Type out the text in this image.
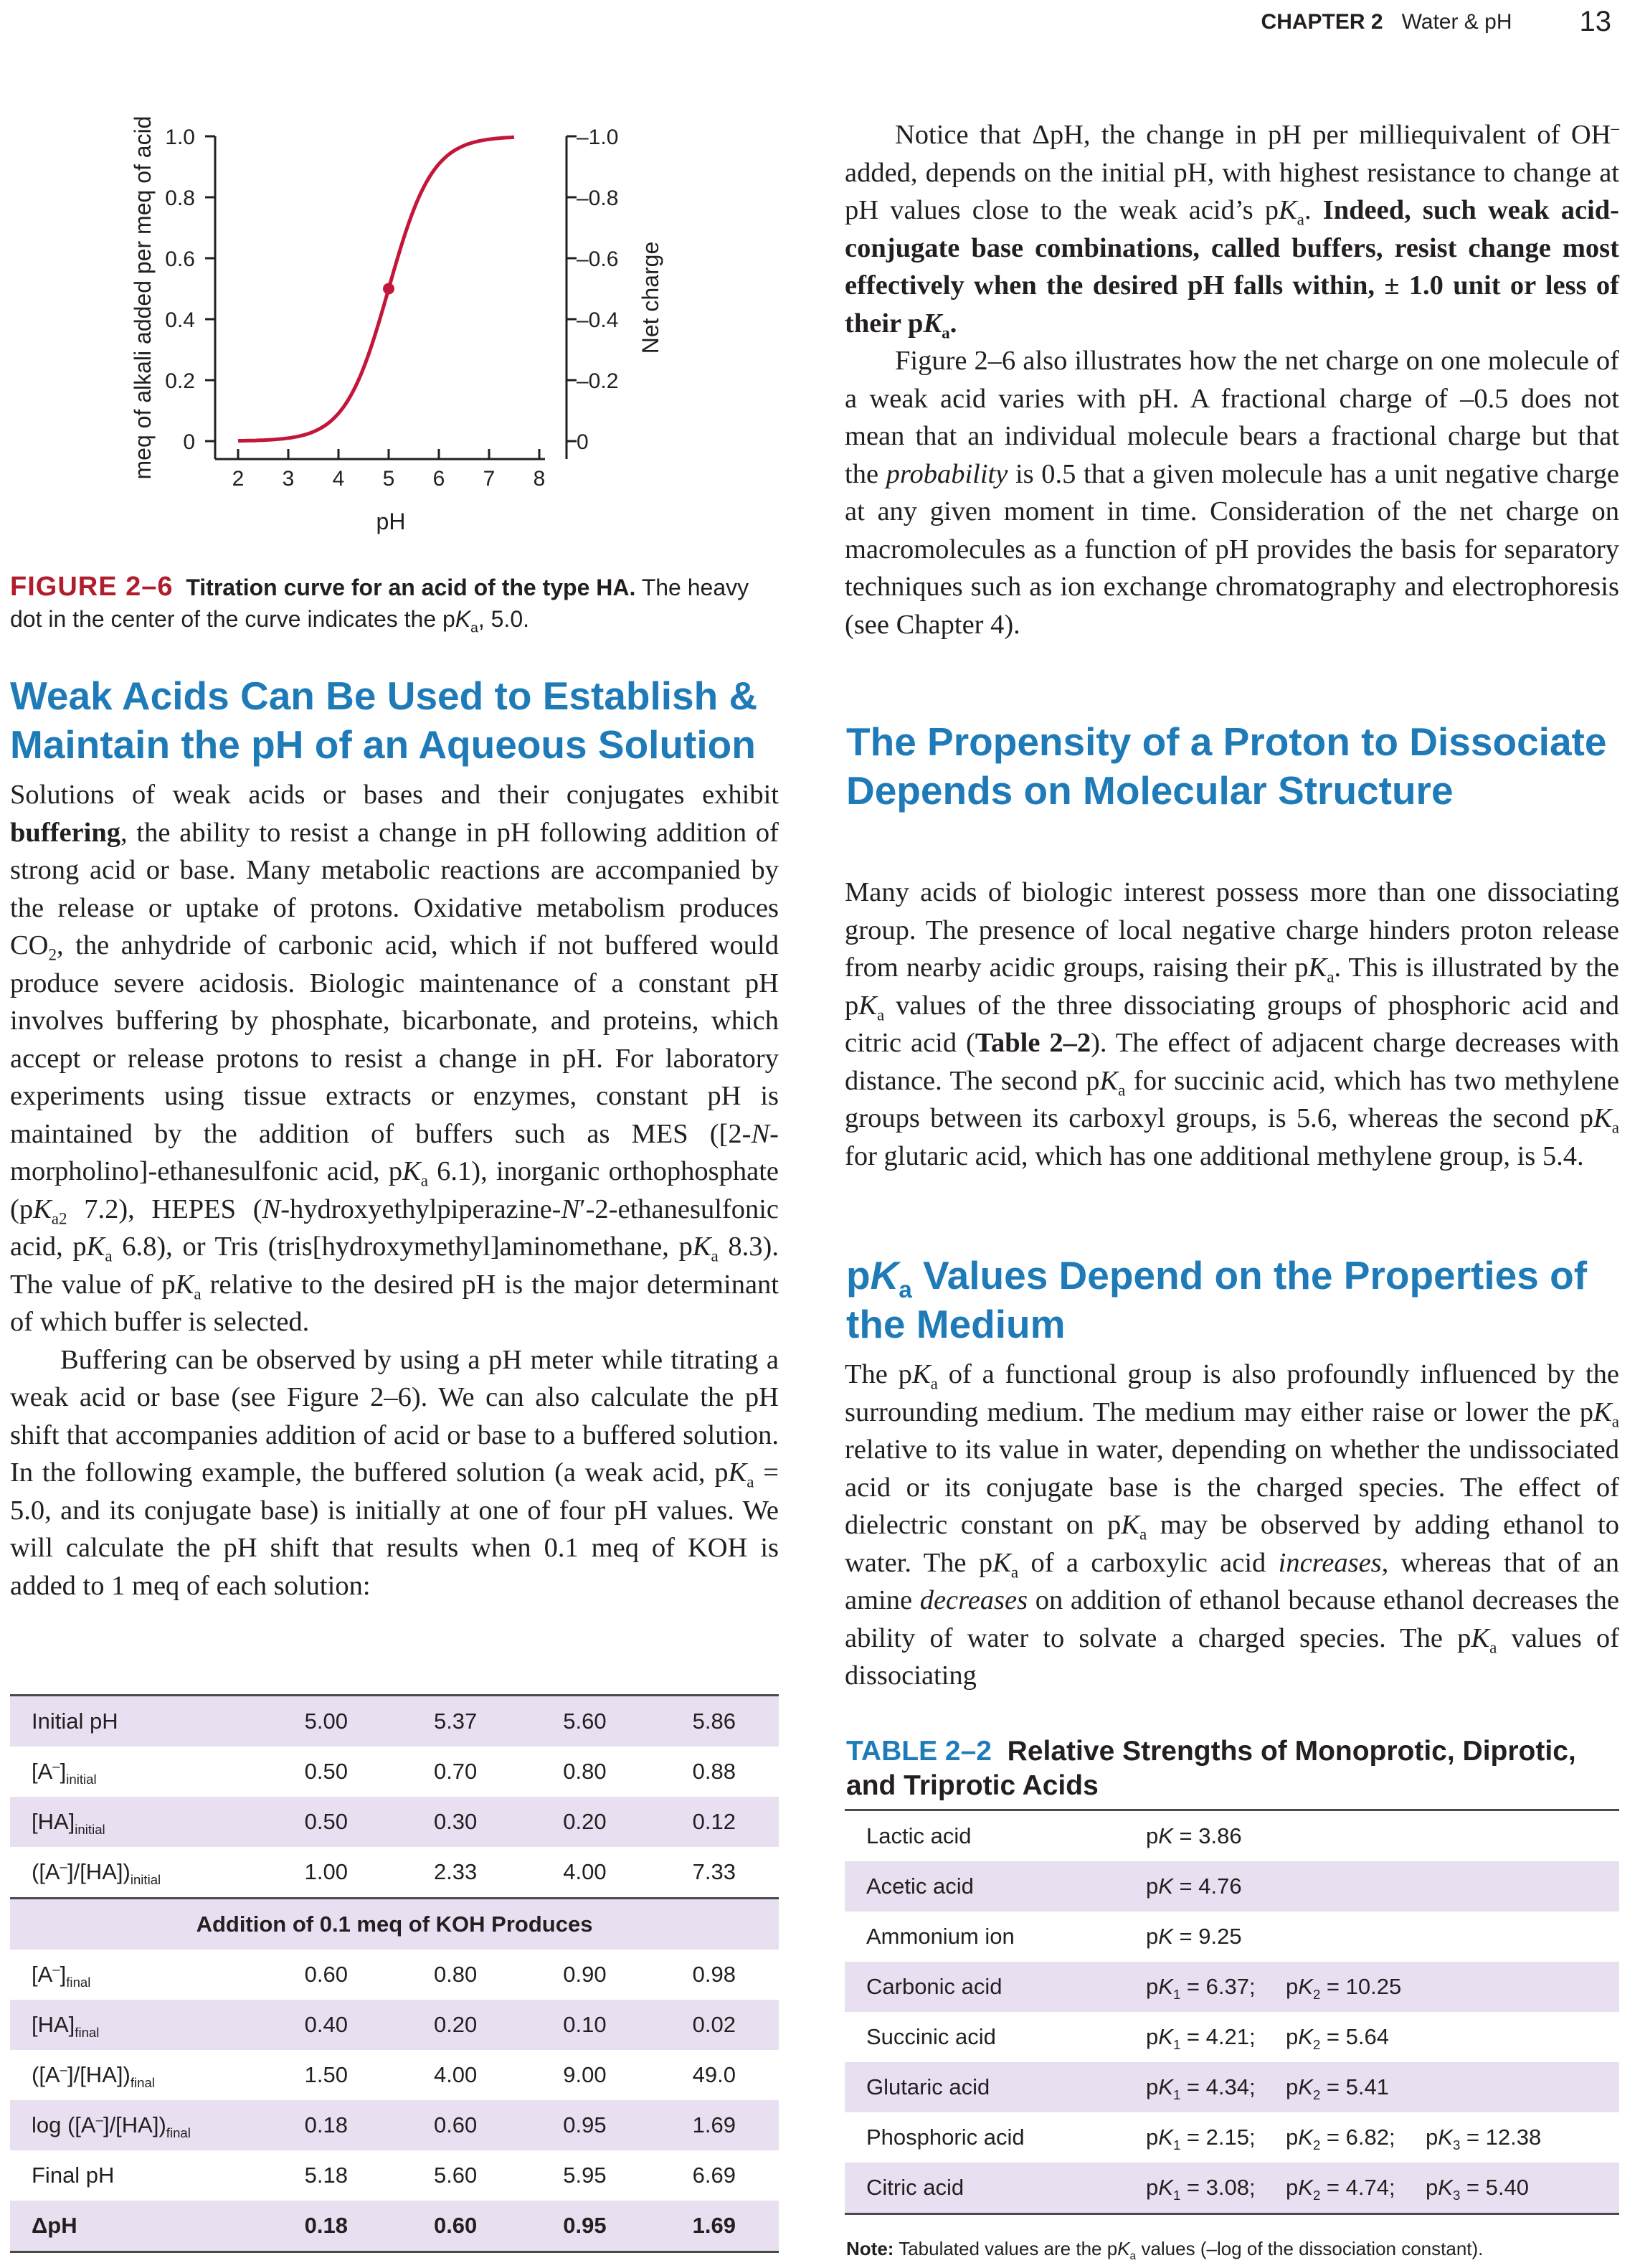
CHAPTER 2 Water & pH 13
0
0.2
0.4
0.6
0.8
1.0
0
–0.2
–0.4
–0.6
–0.8
–1.0
2 3 4 5 6 7 8
meq of alkali added per meq of acid	Net charge
pH
FIGURE 2–6 Titration curve for an acid of the type HA. The heavy dot in the center of the curve indicates the $pK_a$, 5.0.
Weak Acids Can Be Used to Establish & Maintain the pH of an Aqueous Solution

Solutions of weak acids or bases and their conjugates exhibit buffering, the ability to resist a change in pH following addition of strong acid or base. Many metabolic reactions are accompanied by the release or uptake of protons. Oxidative metabolism produces $CO_2$, the anhydride of carbonic acid, which if not buffered would produce severe acidosis. Biologic maintenance of a constant pH involves buffering by phosphate, bicarbonate, and proteins, which accept or release protons to resist a change in pH. For laboratory experiments using tissue extracts or enzymes, constant pH is maintained by the addition of buffers such as MES ([2-N-morpholino]-ethanesulfonic acid, $pK_a$ 6.1), inorganic orthophosphate ($pK_{a2}$ 7.2), HEPES (N-hydroxyethylpiperazine-N′-2-ethanesulfonic acid, $pK_a$ 6.8), or Tris (tris[hydroxymethyl]aminomethane, $pK_a$ 8.3). The value of $pK_a$ relative to the desired pH is the major determinant of which buffer is selected.

Buffering can be observed by using a pH meter while titrating a weak acid or base (see Figure 2–6). We can also calculate the pH shift that accompanies addition of acid or base to a buffered solution. In the following example, the buffered solution (a weak acid, $pK_a = 5.0$, and its conjugate base) is initially at one of four pH values. We will calculate the pH shift that results when 0.1 meq of KOH is added to 1 meq of each solution:

Initial pH	5.00	5.37	5.60	5.86
$[A^-]_{initial}$	0.50	0.70	0.80	0.88
$[HA]_{initial}$	0.50	0.30	0.20	0.12
$([A^-]/[HA])_{initial}$	1.00	2.33	4.00	7.33
Addition of 0.1 meq of KOH Produces				
$[A^-]_{final}$	0.60	0.80	0.90	0.98
$[HA]_{final}$	0.40	0.20	0.10	0.02
$([A^-]/[HA])_{final}$	1.50	4.00	9.00	49.0
$\log ([A^-]/[HA])_{final}$	0.18	0.60	0.95	1.69
Final pH	5.18	5.60	5.95	6.69
ΔpH	0.18	0.60	0.95	1.69

Notice that ΔpH, the change in pH per milliequivalent of OH– added, depends on the initial pH, with highest resistance to change at pH values close to the weak acid’s $pK_a$. Indeed, such weak acid-conjugate base combinations, called buffers, resist change most effectively when the desired pH falls within, ± 1.0 unit or less of their $pK_a$.

Figure 2–6 also illustrates how the net charge on one molecule of a weak acid varies with pH. A fractional charge of –0.5 does not mean that an individual molecule bears a fractional charge but that the probability is 0.5 that a given molecule has a unit negative charge at any given moment in time. Consideration of the net charge on macromolecules as a function of pH provides the basis for separatory techniques such as ion exchange chromatography and electrophoresis (see Chapter 4).

The Propensity of a Proton to Dissociate Depends on Molecular Structure

Many acids of biologic interest possess more than one dissociating group. The presence of local negative charge hinders proton release from nearby acidic groups, raising their $pK_a$. This is illustrated by the $pK_a$ values of the three dissociating groups of phosphoric acid and citric acid (Table 2–2). The effect of adjacent charge decreases with distance. The second $pK_a$ for succinic acid, which has two methylene groups between its carboxyl groups, is 5.6, whereas the second $pK_a$ for glutaric acid, which has one additional methylene group, is 5.4.

$pK_a$ Values Depend on the Properties of the Medium

The $pK_a$ of a functional group is also profoundly influenced by the surrounding medium. The medium may either raise or lower the $pK_a$ relative to its value in water, depending on whether the undissociated acid or its conjugate base is the charged species. The effect of dielectric constant on $pK_a$ may be observed by adding ethanol to water. The $pK_a$ of a carboxylic acid increases, whereas that of an amine decreases on addition of ethanol because ethanol decreases the ability of water to solvate a charged species. The $pK_a$ values of dissociating

TABLE 2–2 Relative Strengths of Monoprotic, Diprotic, and Triprotic Acids
Lactic acid	pK = 3.86
Acetic acid	pK = 4.76
Ammonium ion	pK = 9.25
Carbonic acid	$pK_1 = 6.37$; $pK_2 = 10.25$
Succinic acid	$pK_1 = 4.21$; $pK_2 = 5.64$
Glutaric acid	$pK_1 = 4.34$; $pK_2 = 5.41$
Phosphoric acid	$pK_1 = 2.15$; $pK_2 = 6.82$; $pK_3 = 12.38$
Citric acid	$pK_1 = 3.08$; $pK_2 = 4.74$; $pK_3 = 5.40$
Note: Tabulated values are the $pK_a$ values (–log of the dissociation constant).
